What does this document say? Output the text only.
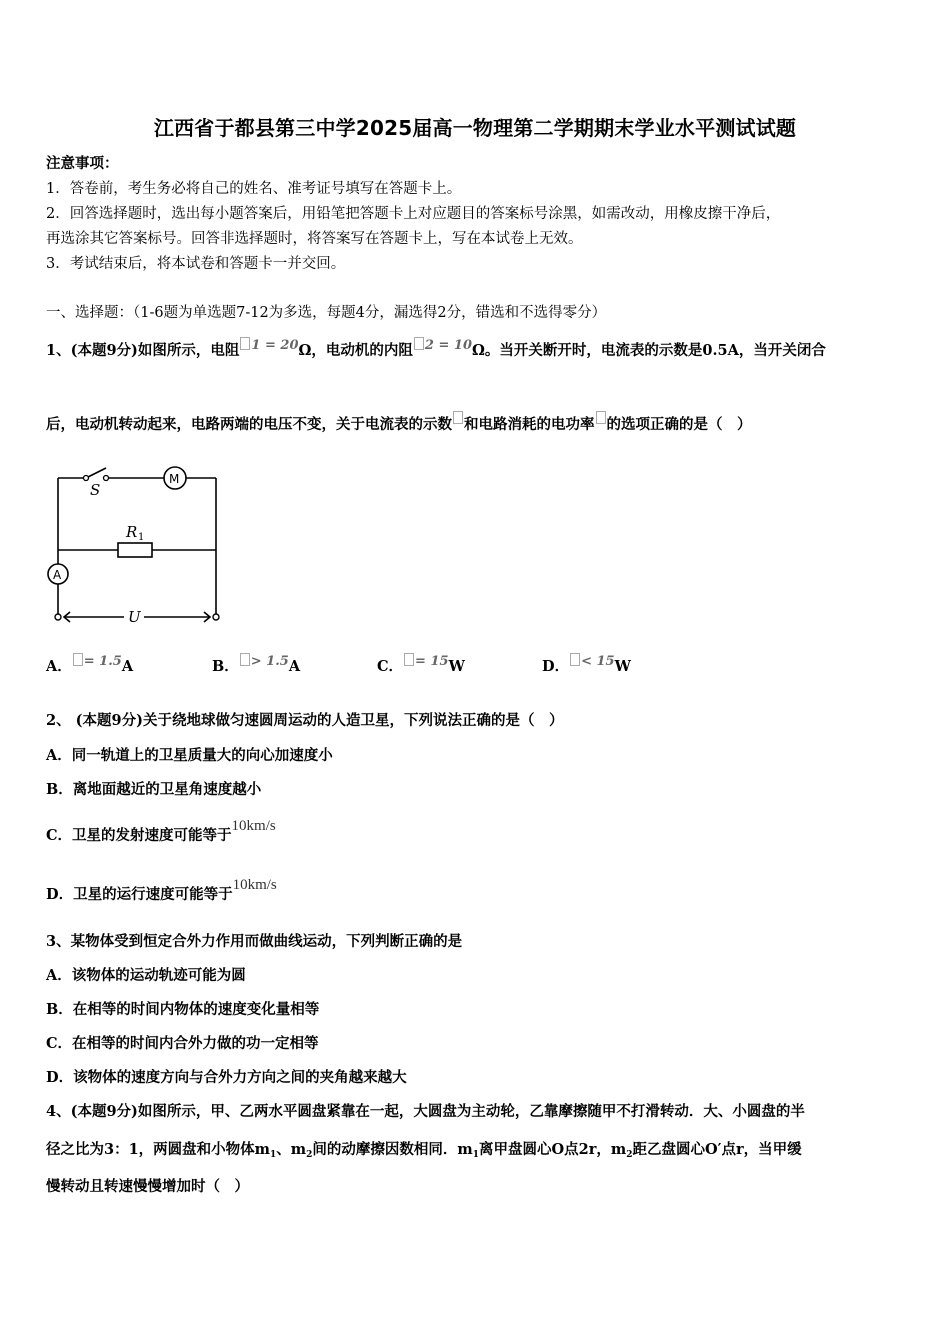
江西省于都县第三中学2025届高一物理第二学期期末学业水平测试试题
注意事项：
1．答卷前，考生务必将自己的姓名、准考证号填写在答题卡上。
2．回答选择题时，选出每小题答案后，用铅笔把答题卡上对应题目的答案标号涂黑，如需改动，用橡皮擦干净后，
再选涂其它答案标号。回答非选择题时，将答案写在答题卡上，写在本试卷上无效。
3．考试结束后，将本试卷和答题卡一并交回。
一、选择题：（1-6题为单选题7-12为多选，每题4分，漏选得2分，错选和不选得零分）
1、(本题9分)如图所示，电阻 1 = 20Ω，电动机的内阻 2 = 10Ω。当开关断开时，电流表的示数是0.5A，当开关闭合
后，电动机转动起来，电路两端的电压不变，关于电流表的示数 和电路消耗的电功率 的选项正确的是（　）
S
M
R 1
A
U
A．= 1.5A	B．> 1.5A	C．= 15W	D．< 15W
2、 (本题9分)关于绕地球做匀速圆周运动的人造卫星，下列说法正确的是（　）
A．同一轨道上的卫星质量大的向心加速度小
B．离地面越近的卫星角速度越小
C．卫星的发射速度可能等于10km/s
D．卫星的运行速度可能等于10km/s
3、某物体受到恒定合外力作用而做曲线运动，下列判断正确的是
A．该物体的运动轨迹可能为圆
B．在相等的时间内物体的速度变化量相等
C．在相等的时间内合外力做的功一定相等
D．该物体的速度方向与合外力方向之间的夹角越来越大
4、(本题9分)如图所示，甲、乙两水平圆盘紧靠在一起，大圆盘为主动轮，乙靠摩擦随甲不打滑转动．大、小圆盘的半
径之比为3：1，两圆盘和小物体$m_1$、$m_2$间的动摩擦因数相同．$m_1$离甲盘圆心O点2r，$m_2$距乙盘圆心O′点r，当甲缓
慢转动且转速慢慢增加时（　）
